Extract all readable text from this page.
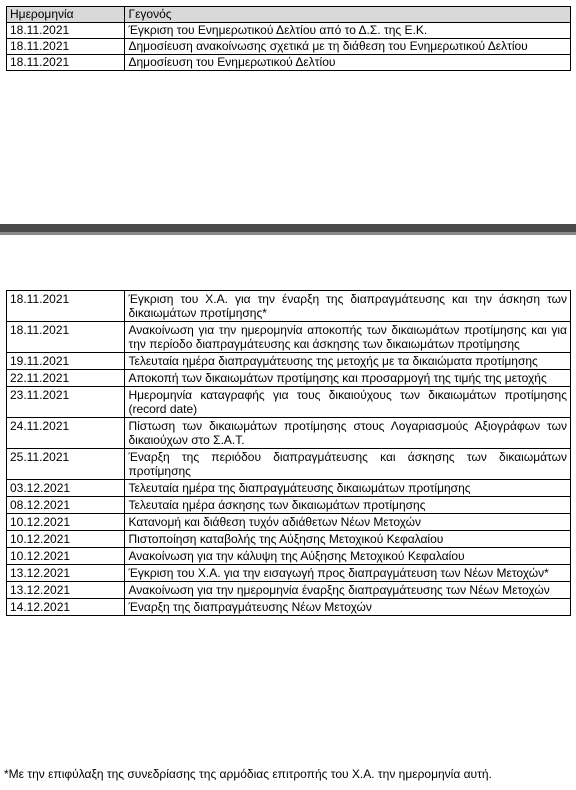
Ημερομηνία	Γεγονός
18.11.2021	Έγκριση του Ενημερωτικού Δελτίου από το Δ.Σ. της Ε.Κ.
18.11.2021	Δημοσίευση ανακοίνωσης σχετικά με τη διάθεση του Ενημερωτικού Δελτίου
18.11.2021	Δημοσίευση του Ενημερωτικού Δελτίου
18.11.2021	Έγκριση του Χ.Α. για την έναρξη της διαπραγμάτευσης και την άσκηση των δικαιωμάτων προτίμησης*
18.11.2021	Ανακοίνωση για την ημερομηνία αποκοπής των δικαιωμάτων προτίμησης και για την περίοδο διαπραγμάτευσης και άσκησης των δικαιωμάτων προτίμησης
19.11.2021	Τελευταία ημέρα διαπραγμάτευσης της μετοχής με τα δικαιώματα προτίμησης
22.11.2021	Αποκοπή των δικαιωμάτων προτίμησης και προσαρμογή της τιμής της μετοχής
23.11.2021	Ημερομηνία καταγραφής για τους δικαιούχους των δικαιωμάτων προτίμησης (record date)
24.11.2021	Πίστωση των δικαιωμάτων προτίμησης στους Λογαριασμούς Αξιογράφων των δικαιούχων στο Σ.Α.Τ.
25.11.2021	Έναρξη της περιόδου διαπραγμάτευσης και άσκησης των δικαιωμάτων προτίμησης
03.12.2021	Τελευταία ημέρα της διαπραγμάτευσης δικαιωμάτων προτίμησης
08.12.2021	Τελευταία ημέρα άσκησης των δικαιωμάτων προτίμησης
10.12.2021	Κατανομή και διάθεση τυχόν αδιάθετων Νέων Μετοχών
10.12.2021	Πιστοποίηση καταβολής της Αύξησης Μετοχικού Κεφαλαίου
10.12.2021	Ανακοίνωση για την κάλυψη της Αύξησης Μετοχικού Κεφαλαίου
13.12.2021	Έγκριση του Χ.Α. για την εισαγωγή προς διαπραγμάτευση των Νέων Μετοχών*
13.12.2021	Ανακοίνωση για την ημερομηνία έναρξης διαπραγμάτευσης των Νέων Μετοχών
14.12.2021	Έναρξη της διαπραγμάτευσης Νέων Μετοχών
*Με την επιφύλαξη της συνεδρίασης της αρμόδιας επιτροπής του Χ.Α. την ημερομηνία αυτή.
